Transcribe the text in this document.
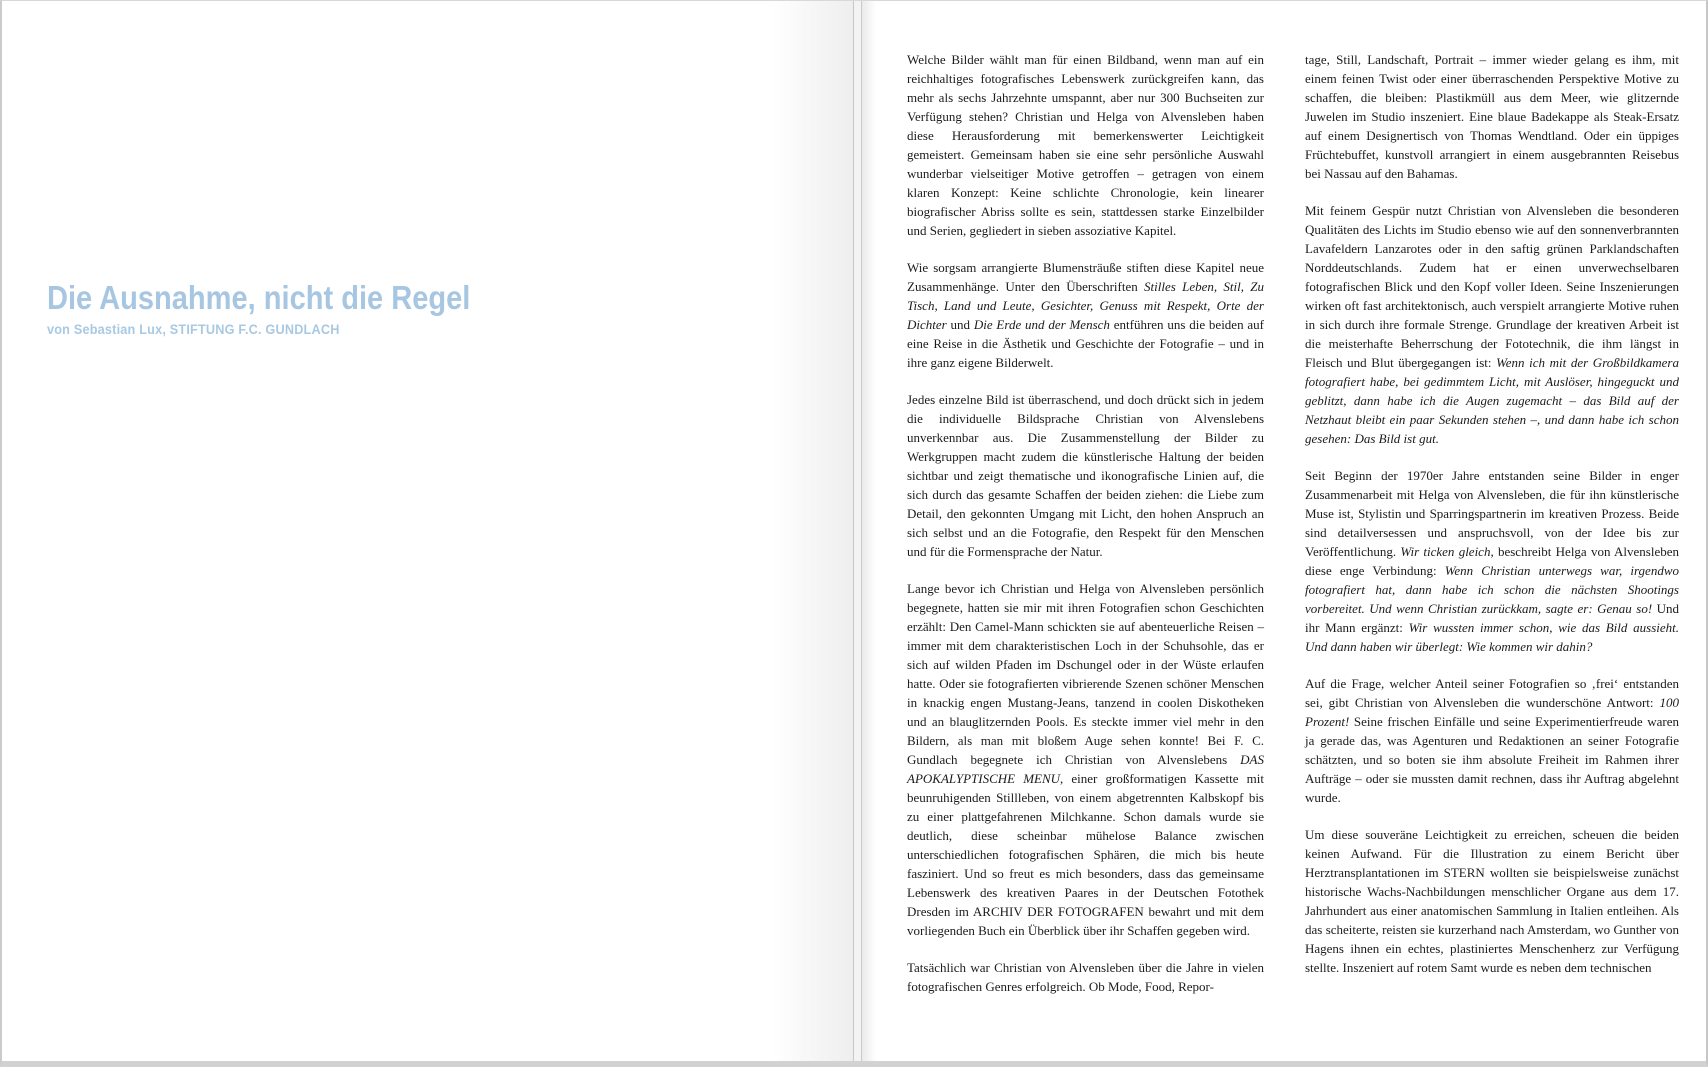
Die Ausnahme, nicht die Regel
von Sebastian Lux, STIFTUNG F.C. GUNDLACH

Welche Bilder wählt man für einen Bildband, wenn man auf ein reichhaltiges fotografisches Lebenswerk zurückgreifen kann, das mehr als sechs Jahrzehnte umspannt, aber nur 300 Buchseiten zur Verfügung stehen? Christian und Helga von Alvensleben haben diese Herausforderung mit bemerkenswerter Leichtigkeit gemeistert. Gemeinsam haben sie eine sehr persönliche Auswahl wunderbar vielseitiger Motive getroffen – getragen von einem klaren Konzept: Keine schlichte Chronologie, kein linearer biografischer Abriss sollte es sein, stattdessen starke Einzelbilder und Serien, gegliedert in sieben assoziative Kapitel.

Wie sorgsam arrangierte Blumensträuße stiften diese Kapitel neue Zusammenhänge. Unter den Überschriften Stilles Leben, Stil, Zu Tisch, Land und Leute, Gesichter, Genuss mit Respekt, Orte der Dichter und Die Erde und der Mensch entführen uns die beiden auf eine Reise in die Ästhetik und Geschichte der Fotografie – und in ihre ganz eigene Bilderwelt.

Jedes einzelne Bild ist überraschend, und doch drückt sich in jedem die individuelle Bildsprache Christian von Alvenslebens unverkennbar aus. Die Zusammenstellung der Bilder zu Werkgruppen macht zudem die künstlerische Haltung der beiden sichtbar und zeigt thematische und ikonografische Linien auf, die sich durch das gesamte Schaffen der beiden ziehen: die Liebe zum Detail, den gekonnten Umgang mit Licht, den hohen Anspruch an sich selbst und an die Fotografie, den Respekt für den Menschen und für die Formensprache der Natur.

Lange bevor ich Christian und Helga von Alvensleben persönlich begegnete, hatten sie mir mit ihren Fotografien schon Geschichten erzählt: Den Camel-Mann schickten sie auf abenteuerliche Reisen – immer mit dem charakteristischen Loch in der Schuhsohle, das er sich auf wilden Pfaden im Dschungel oder in der Wüste erlaufen hatte. Oder sie fotografierten vibrierende Szenen schöner Menschen in knackig engen Mustang-Jeans, tanzend in coolen Diskotheken und an blauglitzernden Pools. Es steckte immer viel mehr in den Bildern, als man mit bloßem Auge sehen konnte! Bei F. C. Gundlach begegnete ich Christian von Alvenslebens DAS APOKALYPTISCHE MENU, einer großformatigen Kassette mit beunruhigenden Stillleben, von einem abgetrennten Kalbskopf bis zu einer plattgefahrenen Milchkanne. Schon damals wurde sie deutlich, diese scheinbar mühelose Balance zwischen unterschiedlichen fotografischen Sphären, die mich bis heute fasziniert. Und so freut es mich besonders, dass das gemeinsame Lebenswerk des kreativen Paares in der Deutschen Fotothek Dresden im ARCHIV DER FOTOGRAFEN bewahrt und mit dem vorliegenden Buch ein Überblick über ihr Schaffen gegeben wird.

Tatsächlich war Christian von Alvensleben über die Jahre in vielen fotografischen Genres erfolgreich. Ob Mode, Food, Repor-

tage, Still, Landschaft, Portrait – immer wieder gelang es ihm, mit einem feinen Twist oder einer überraschenden Perspektive Motive zu schaffen, die bleiben: Plastikmüll aus dem Meer, wie glitzernde Juwelen im Studio inszeniert. Eine blaue Badekappe als Steak-Ersatz auf einem Designertisch von Thomas Wendtland. Oder ein üppiges Früchtebuffet, kunstvoll arrangiert in einem ausgebrannten Reisebus bei Nassau auf den Bahamas.

Mit feinem Gespür nutzt Christian von Alvensleben die besonderen Qualitäten des Lichts im Studio ebenso wie auf den sonnenverbrannten Lavafeldern Lanzarotes oder in den saftig grünen Parklandschaften Norddeutschlands. Zudem hat er einen unverwechselbaren fotografischen Blick und den Kopf voller Ideen. Seine Inszenierungen wirken oft fast architektonisch, auch verspielt arrangierte Motive ruhen in sich durch ihre formale Strenge. Grundlage der kreativen Arbeit ist die meisterhafte Beherrschung der Fototechnik, die ihm längst in Fleisch und Blut übergegangen ist: Wenn ich mit der Großbildkamera fotografiert habe, bei gedimmtem Licht, mit Auslöser, hingeguckt und geblitzt, dann habe ich die Augen zugemacht – das Bild auf der Netzhaut bleibt ein paar Sekunden stehen –, und dann habe ich schon gesehen: Das Bild ist gut.

Seit Beginn der 1970er Jahre entstanden seine Bilder in enger Zusammenarbeit mit Helga von Alvensleben, die für ihn künstlerische Muse ist, Stylistin und Sparringspartnerin im kreativen Prozess. Beide sind detailversessen und anspruchsvoll, von der Idee bis zur Veröffentlichung. Wir ticken gleich, beschreibt Helga von Alvensleben diese enge Verbindung: Wenn Christian unterwegs war, irgendwo fotografiert hat, dann habe ich schon die nächsten Shootings vorbereitet. Und wenn Christian zurückkam, sagte er: Genau so! Und ihr Mann ergänzt: Wir wussten immer schon, wie das Bild aussieht. Und dann haben wir überlegt: Wie kommen wir dahin?

Auf die Frage, welcher Anteil seiner Fotografien so ‚frei‘ entstanden sei, gibt Christian von Alvensleben die wunderschöne Antwort: 100 Prozent! Seine frischen Einfälle und seine Experimentierfreude waren ja gerade das, was Agenturen und Redaktionen an seiner Fotografie schätzten, und so boten sie ihm absolute Freiheit im Rahmen ihrer Aufträge – oder sie mussten damit rechnen, dass ihr Auftrag abgelehnt wurde.

Um diese souveräne Leichtigkeit zu erreichen, scheuen die beiden keinen Aufwand. Für die Illustration zu einem Bericht über Herztransplantationen im STERN wollten sie beispielsweise zunächst historische Wachs-Nachbildungen menschlicher Organe aus dem 17. Jahrhundert aus einer anatomischen Sammlung in Italien entleihen. Als das scheiterte, reisten sie kurzerhand nach Amsterdam, wo Gunther von Hagens ihnen ein echtes, plastiniertes Menschenherz zur Verfügung stellte. Inszeniert auf rotem Samt wurde es neben dem technischen
